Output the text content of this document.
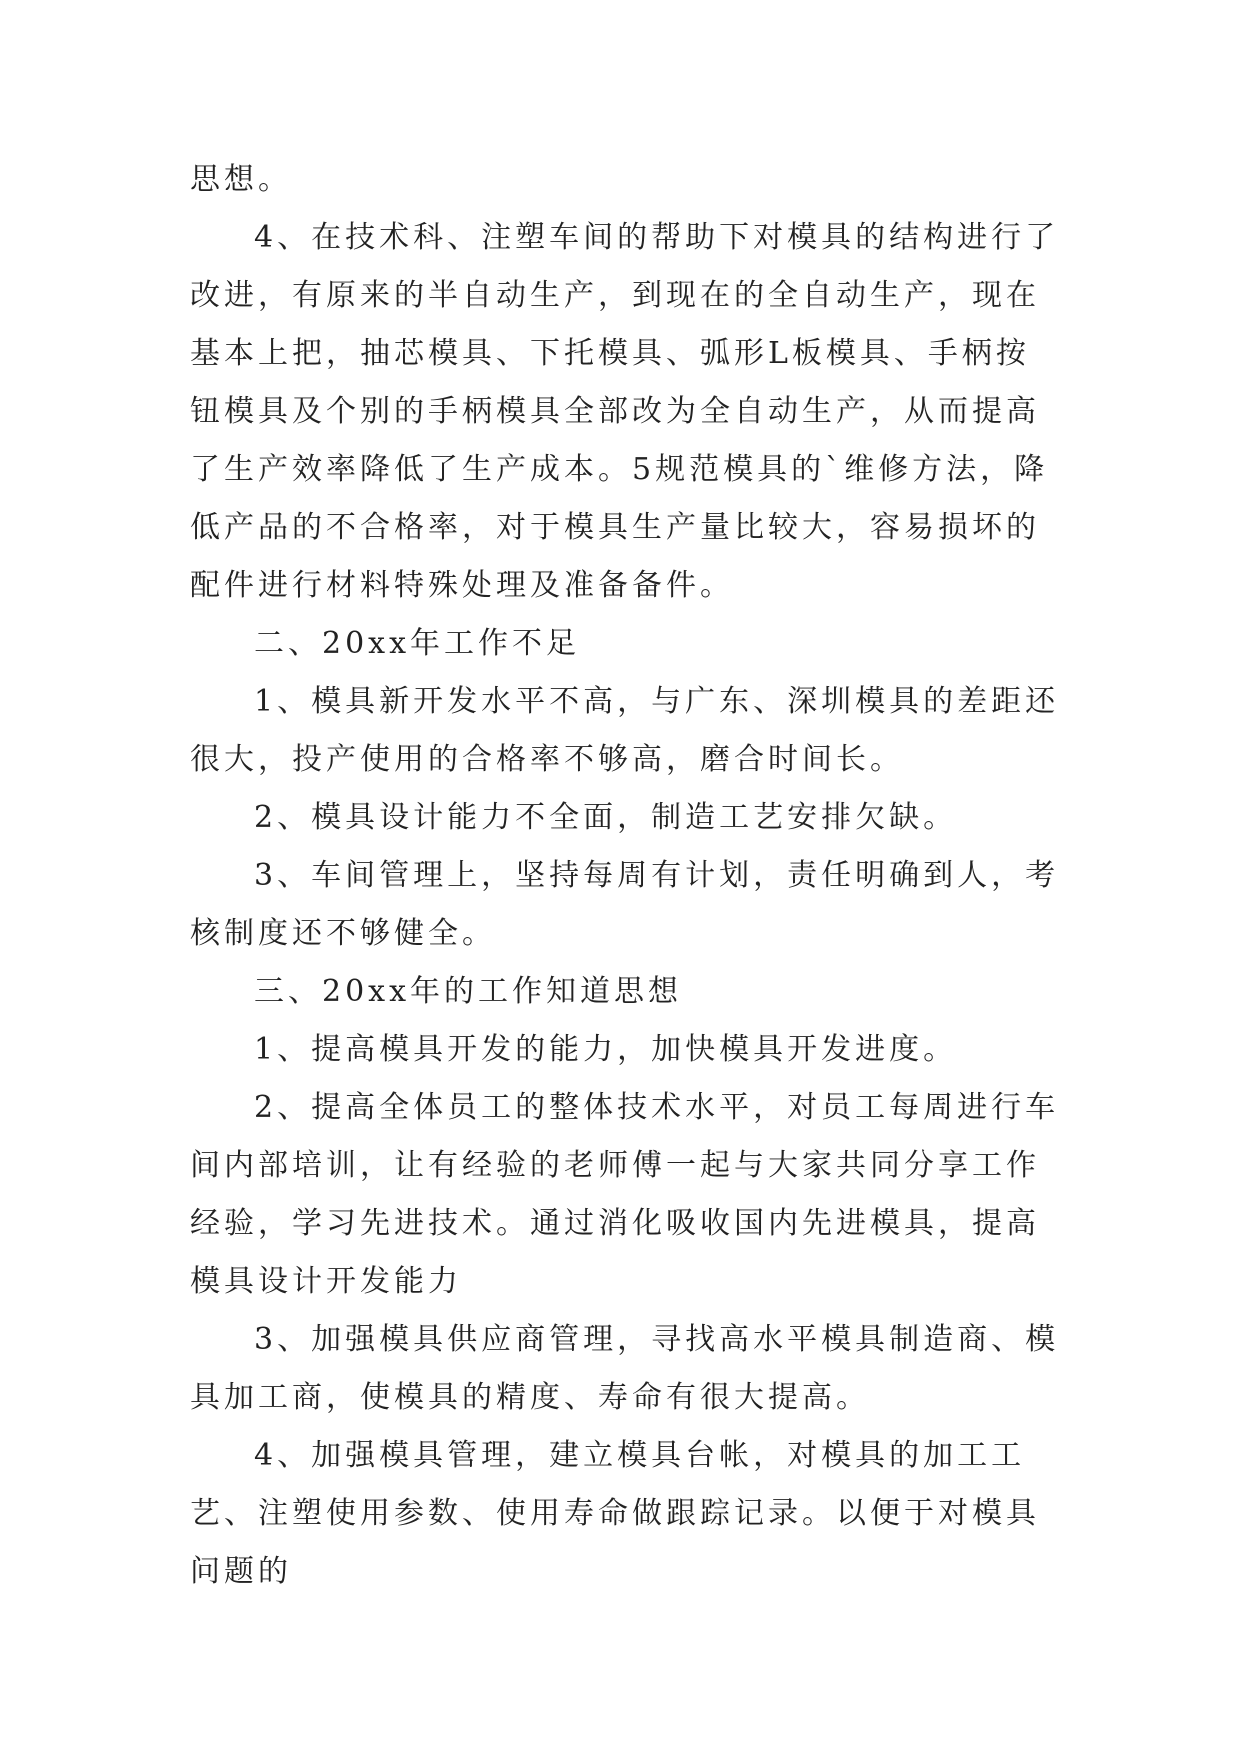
思想。

4、在技术科、注塑车间的帮助下对模具的结构进行了改进，有原来的半自动生产，到现在的全自动生产，现在基本上把，抽芯模具、下托模具、弧形L板模具、手柄按钮模具及个别的手柄模具全部改为全自动生产，从而提高了生产效率降低了生产成本。5规范模具的`维修方法，降低产品的不合格率，对于模具生产量比较大，容易损坏的配件进行材料特殊处理及准备备件。

二、20xx年工作不足

1、模具新开发水平不高，与广东、深圳模具的差距还很大，投产使用的合格率不够高，磨合时间长。

2、模具设计能力不全面，制造工艺安排欠缺。

3、车间管理上，坚持每周有计划，责任明确到人，考核制度还不够健全。

三、20xx年的工作知道思想

1、提高模具开发的能力，加快模具开发进度。

2、提高全体员工的整体技术水平，对员工每周进行车间内部培训，让有经验的老师傅一起与大家共同分享工作经验，学习先进技术。通过消化吸收国内先进模具，提高模具设计开发能力

3、加强模具供应商管理，寻找高水平模具制造商、模具加工商，使模具的精度、寿命有很大提高。

4、加强模具管理，建立模具台帐，对模具的加工工艺、注塑使用参数、使用寿命做跟踪记录。以便于对模具问题的
